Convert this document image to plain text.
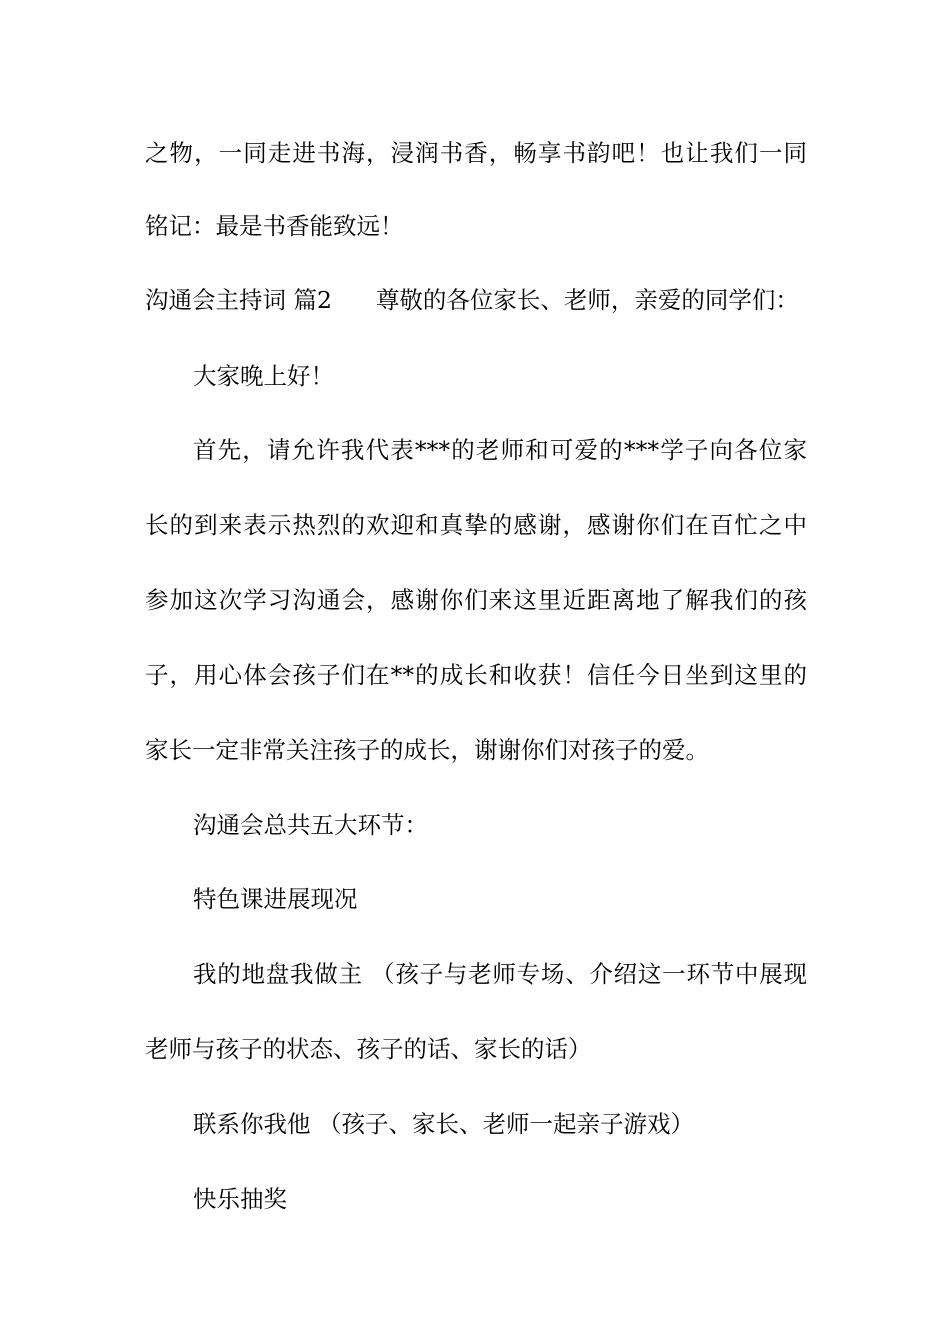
之物，一同走进书海，浸润书香，畅享书韵吧！也让我们一同
铭记：最是书香能致远！
沟通会主持词 篇2 尊敬的各位家长、老师，亲爱的同学们：
大家晚上好！
首先，请允许我代表***的老师和可爱的***学子向各位家
长的到来表示热烈的欢迎和真挚的感谢，感谢你们在百忙之中
参加这次学习沟通会，感谢你们来这里近距离地了解我们的孩
子，用心体会孩子们在**的成长和收获！信任今日坐到这里的
家长一定非常关注孩子的成长，谢谢你们对孩子的爱。
沟通会总共五大环节：
特色课进展现况
我的地盘我做主 （孩子与老师专场、介绍这一环节中展现
老师与孩子的状态、孩子的话、家长的话）
联系你我他 （孩子、家长、老师一起亲子游戏）
快乐抽奖
